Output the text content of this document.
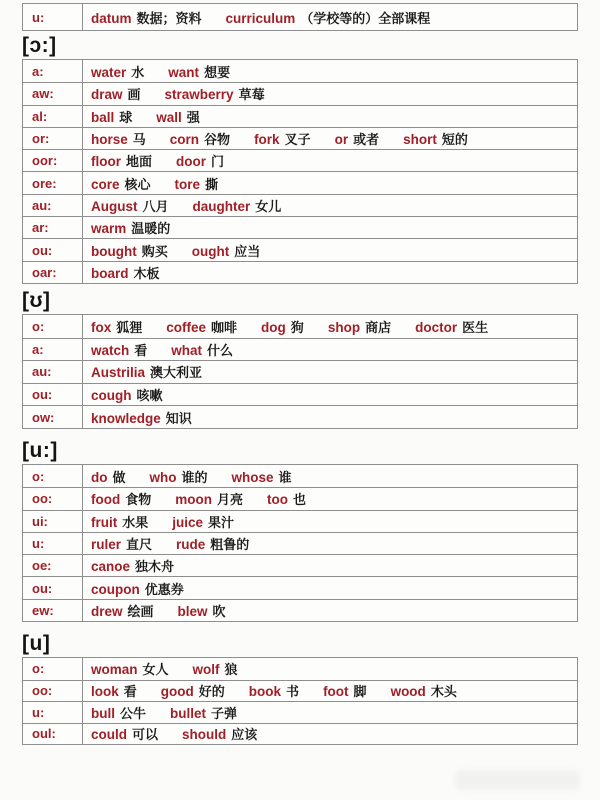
u:	datum 数据；资料 curriculum （学校等的）全部课程
[ɔ:]
a:	water 水 want 想要
aw:	draw 画 strawberry 草莓
al:	ball 球 wall 强
or:	horse 马 corn 谷物 fork 叉子 or 或者 short 短的
oor:	floor 地面 door 门
ore:	core 核心 tore 撕
au:	August 八月 daughter 女儿
ar:	warm 温暖的
ou:	bought 购买 ought 应当
oar:	board 木板
[ʊ]
o:	fox 狐狸 coffee 咖啡 dog 狗 shop 商店 doctor 医生
a:	watch 看 what 什么
au:	Austrilia 澳大利亚
ou:	cough 咳嗽
ow:	knowledge 知识
[u:]
o:	do 做 who 谁的 whose 谁
oo:	food 食物 moon 月亮 too 也
ui:	fruit 水果 juice 果汁
u:	ruler 直尺 rude 粗鲁的
oe:	canoe 独木舟
ou:	coupon 优惠券
ew:	drew 绘画 blew 吹
[u]
o:	woman 女人 wolf 狼
oo:	look 看 good 好的 book 书 foot 脚 wood 木头
u:	bull 公牛 bullet 子弹
oul:	could 可以 should 应该
